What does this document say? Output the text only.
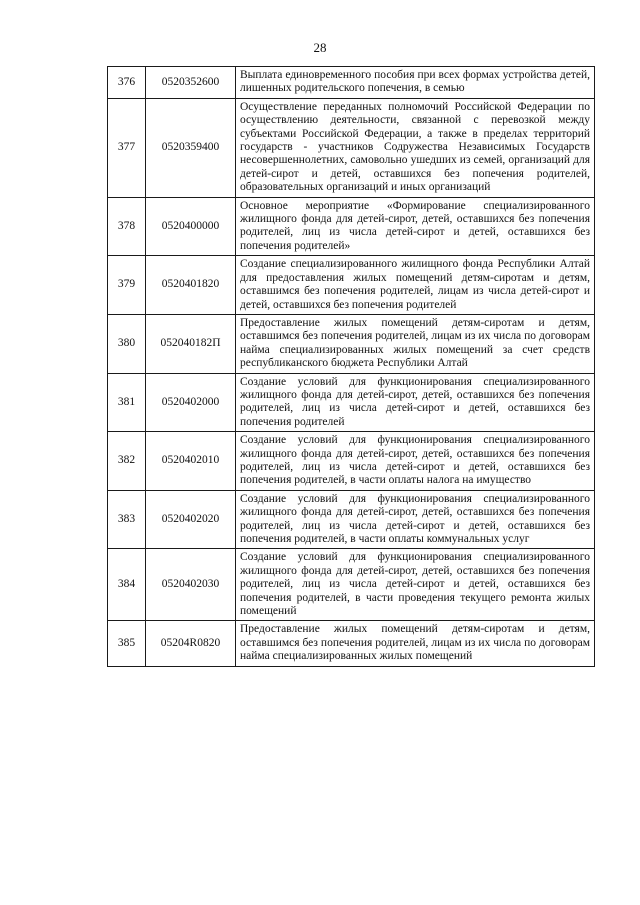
28
376	0520352600	Выплата единовременного пособия при всех формах устройства детей, лишенных родительского попечения, в семью
377	0520359400	Осуществление переданных полномочий Российской Федерации по осуществлению деятельности, связанной с перевозкой между субъектами Российской Федерации, а также в пределах территорий государств - участников Содружества Независимых Государств несовершеннолетних, самовольно ушедших из семей, организаций для детей-сирот и детей, оставшихся без попечения родителей, образовательных организаций и иных организаций
378	0520400000	Основное мероприятие «Формирование специализированного жилищного фонда для детей-сирот, детей, оставшихся без попечения родителей, лиц из числа детей-сирот и детей, оставшихся без попечения родителей»
379	0520401820	Создание специализированного жилищного фонда Республики Алтай для предоставления жилых помещений детям-сиротам и детям, оставшимся без попечения родителей, лицам из числа детей-сирот и детей, оставшихся без попечения родителей
380	052040182П	Предоставление жилых помещений детям-сиротам и детям, оставшимся без попечения родителей, лицам из их числа по договорам найма специализированных жилых помещений за счет средств республиканского бюджета Республики Алтай
381	0520402000	Создание условий для функционирования специализированного жилищного фонда для детей-сирот, детей, оставшихся без попечения родителей, лиц из числа детей-сирот и детей, оставшихся без попечения родителей
382	0520402010	Создание условий для функционирования специализированного жилищного фонда для детей-сирот, детей, оставшихся без попечения родителей, лиц из числа детей-сирот и детей, оставшихся без попечения родителей, в части оплаты налога на имущество
383	0520402020	Создание условий для функционирования специализированного жилищного фонда для детей-сирот, детей, оставшихся без попечения родителей, лиц из числа детей-сирот и детей, оставшихся без попечения родителей, в части оплаты коммунальных услуг
384	0520402030	Создание условий для функционирования специализированного жилищного фонда для детей-сирот, детей, оставшихся без попечения родителей, лиц из числа детей-сирот и детей, оставшихся без попечения родителей, в части проведения текущего ремонта жилых помещений
385	05204R0820	Предоставление жилых помещений детям-сиротам и детям, оставшимся без попечения родителей, лицам из их числа по договорам найма специализированных жилых помещений
